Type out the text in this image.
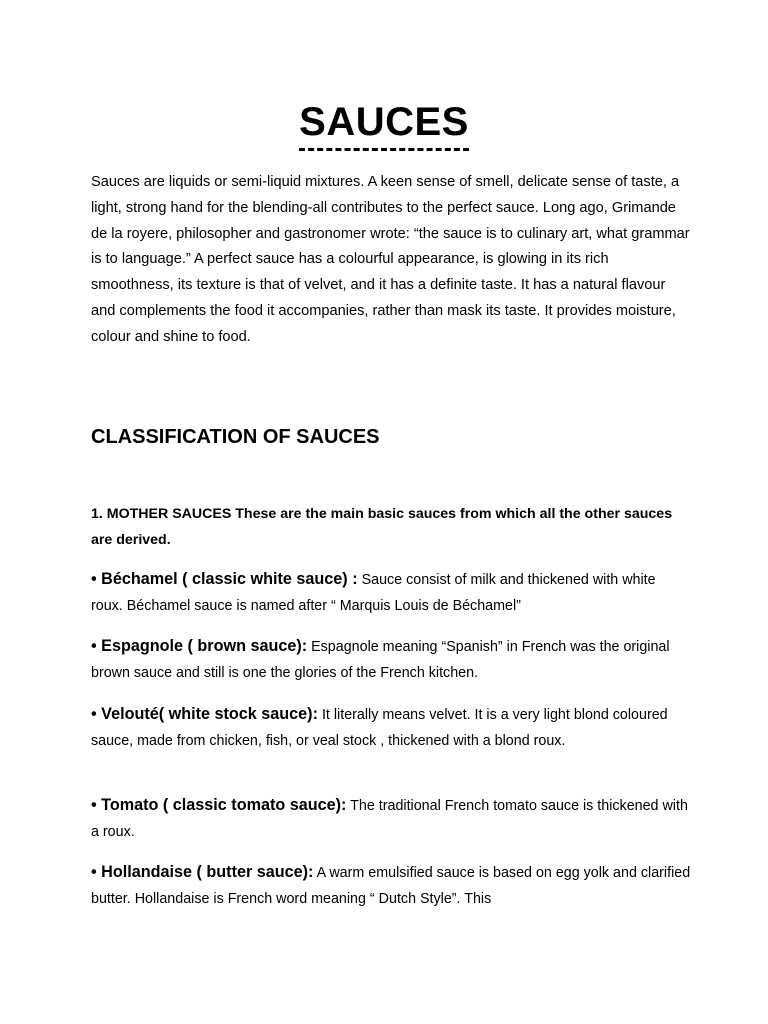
SAUCES

Sauces are liquids or semi-liquid mixtures. A keen sense of smell, delicate sense of taste, a light, strong hand for the blending-all contributes to the perfect sauce. Long ago, Grimande de la royere, philosopher and gastronomer wrote: “the sauce is to culinary art, what grammar is to language.” A perfect sauce has a colourful appearance, is glowing in its rich smoothness, its texture is that of velvet, and it has a definite taste. It has a natural flavour and complements the food it accompanies, rather than mask its taste. It provides moisture, colour and shine to food.

CLASSIFICATION OF SAUCES

1. MOTHER SAUCES These are the main basic sauces from which all the other sauces are derived.

• Béchamel ( classic white sauce) : Sauce consist of milk and thickened with white roux. Béchamel sauce is named after “ Marquis Louis de Béchamel”

• Espagnole ( brown sauce): Espagnole meaning “Spanish” in French was the original brown sauce and still is one the glories of the French kitchen.

• Velouté( white stock sauce): It literally means velvet. It is a very light blond coloured sauce, made from chicken, fish, or veal stock , thickened with a blond roux.

• Tomato ( classic tomato sauce): The traditional French tomato sauce is thickened with a roux.

• Hollandaise ( butter sauce): A warm emulsified sauce is based on egg yolk and clarified butter. Hollandaise is French word meaning “ Dutch Style”. This
